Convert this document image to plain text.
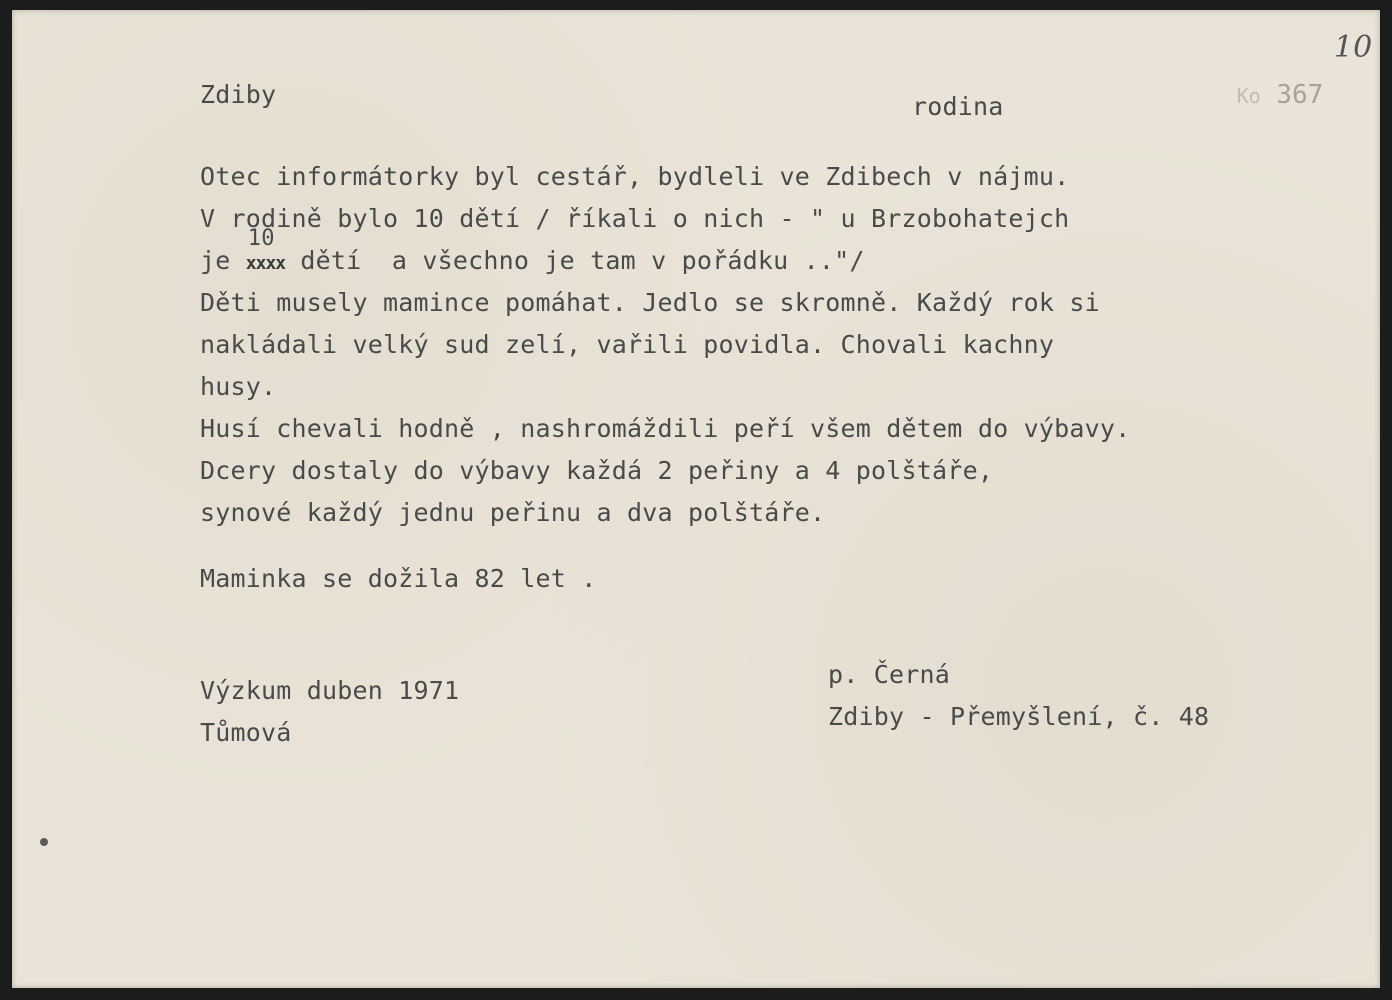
Ko 367

10
Zdiby	rodina
Otec informátorky byl cestář, bydleli ve Zdibech v nájmu.
V rodině bylo 10 dětí / říkali o nich - " u Brzobohatejch
je xxxx
10
dětí  a všechno je tam v pořádku .."/
Děti musely mamince pomáhat. Jedlo se skromně. Každý rok si
nakládali velký sud zelí, vařili povidla. Chovali kachny
husy.
Husí chevali hodně , nashromáždili peří všem dětem do výbavy.
Dcery dostaly do výbavy každá 2 peřiny a 4 polštáře,
synové každý jednu peřinu a dva polštáře.
Maminka se dožila 82 let .
Výzkum duben 1971
Tůmová
p. Černá
Zdiby - Přemyšlení, č. 48
